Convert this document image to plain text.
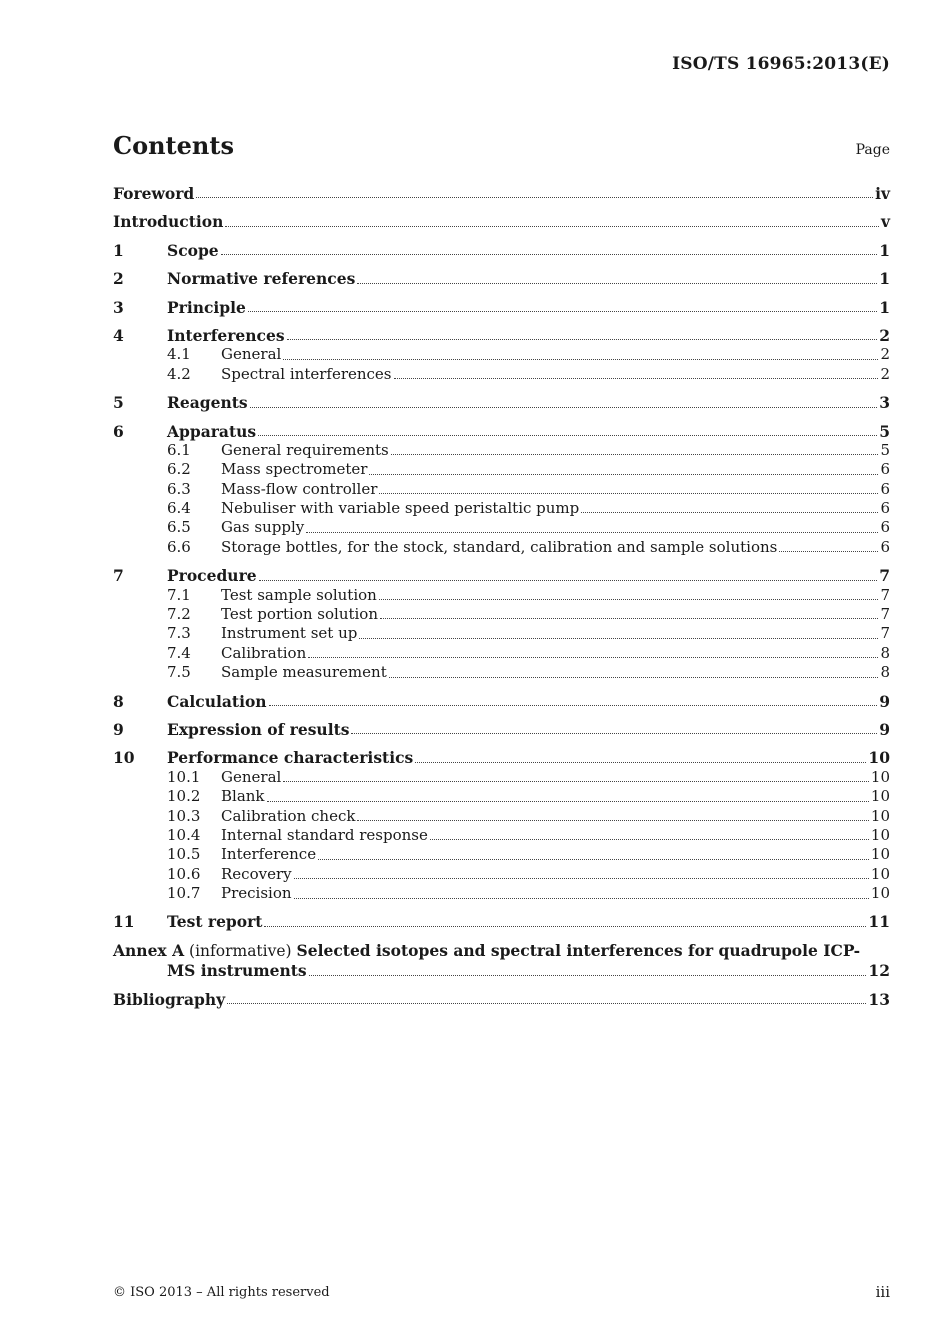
ISO/TS 16965:2013(E)
Contents	Page
Foreword	iv
Introduction	v
1	Scope	1
2	Normative references	1
3	Principle	1
4	Interferences	2
4.1	General	2
4.2	Spectral interferences	2
5	Reagents	3
6	Apparatus	5
6.1	General requirements	5
6.2	Mass spectrometer	6
6.3	Mass-flow controller	6
6.4	Nebuliser with variable speed peristaltic pump	6
6.5	Gas supply	6
6.6	Storage bottles, for the stock, standard, calibration and sample solutions	6
7	Procedure	7
7.1	Test sample solution	7
7.2	Test portion solution	7
7.3	Instrument set up	7
7.4	Calibration	8
7.5	Sample measurement	8
8	Calculation	9
9	Expression of results	9
10	Performance characteristics	10
10.1	General	10
10.2	Blank	10
10.3	Calibration check	10
10.4	Internal standard response	10
10.5	Interference	10
10.6	Recovery	10
10.7	Precision	10
11	Test report	11
Annex A (informative) Selected isotopes and spectral interferences for quadrupole ICP-
MS instruments	12
Bibliography	13
© ISO 2013 – All rights reserved	iii
